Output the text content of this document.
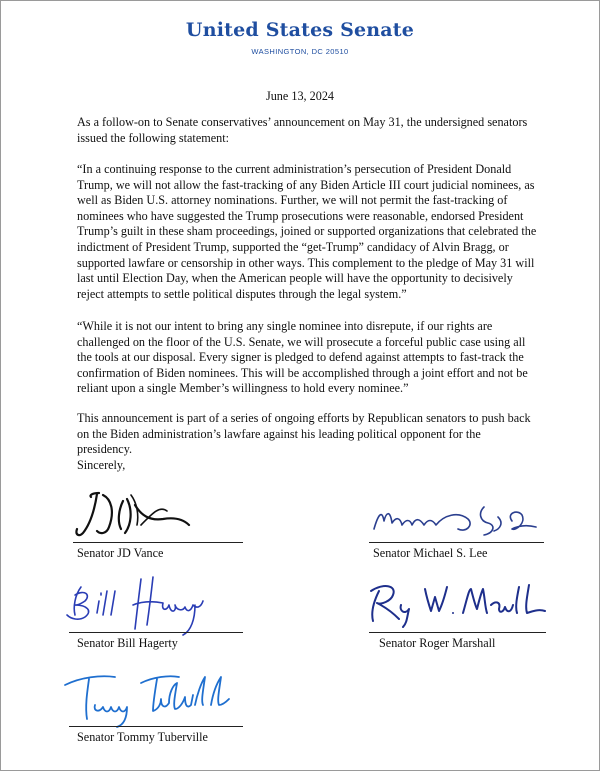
United States Senate
WASHINGTON, DC 20510
June 13, 2024

As a follow-on to Senate conservatives’ announcement on May 31, the undersigned senators issued the following statement:

“In a continuing response to the current administration’s persecution of President Donald Trump, we will not allow the fast-tracking of any Biden Article III court judicial nominees, as well as Biden U.S. attorney nominations. Further, we will not permit the fast-tracking of nominees who have suggested the Trump prosecutions were reasonable, endorsed President Trump’s guilt in these sham proceedings, joined or supported organizations that celebrated the indictment of President Trump, supported the “get-Trump” candidacy of Alvin Bragg, or supported lawfare or censorship in other ways. This complement to the pledge of May 31 will last until Election Day, when the American people will have the opportunity to decisively reject attempts to settle political disputes through the legal system.”

“While it is not our intent to bring any single nominee into disrepute, if our rights are challenged on the floor of the U.S. Senate, we will prosecute a forceful public case using all the tools at our disposal. Every signer is pledged to defend against attempts to fast-track the confirmation of Biden nominees. This will be accomplished through a joint effort and not be reliant upon a single Member’s willingness to hold every nominee.”

This announcement is part of a series of ongoing efforts by Republican senators to push back on the Biden administration’s lawfare against his leading political opponent for the presidency.

Sincerely,

Senator JD Vance	Senator Michael S. Lee
Senator Bill Hagerty	Senator Roger Marshall
Senator Tommy Tuberville
